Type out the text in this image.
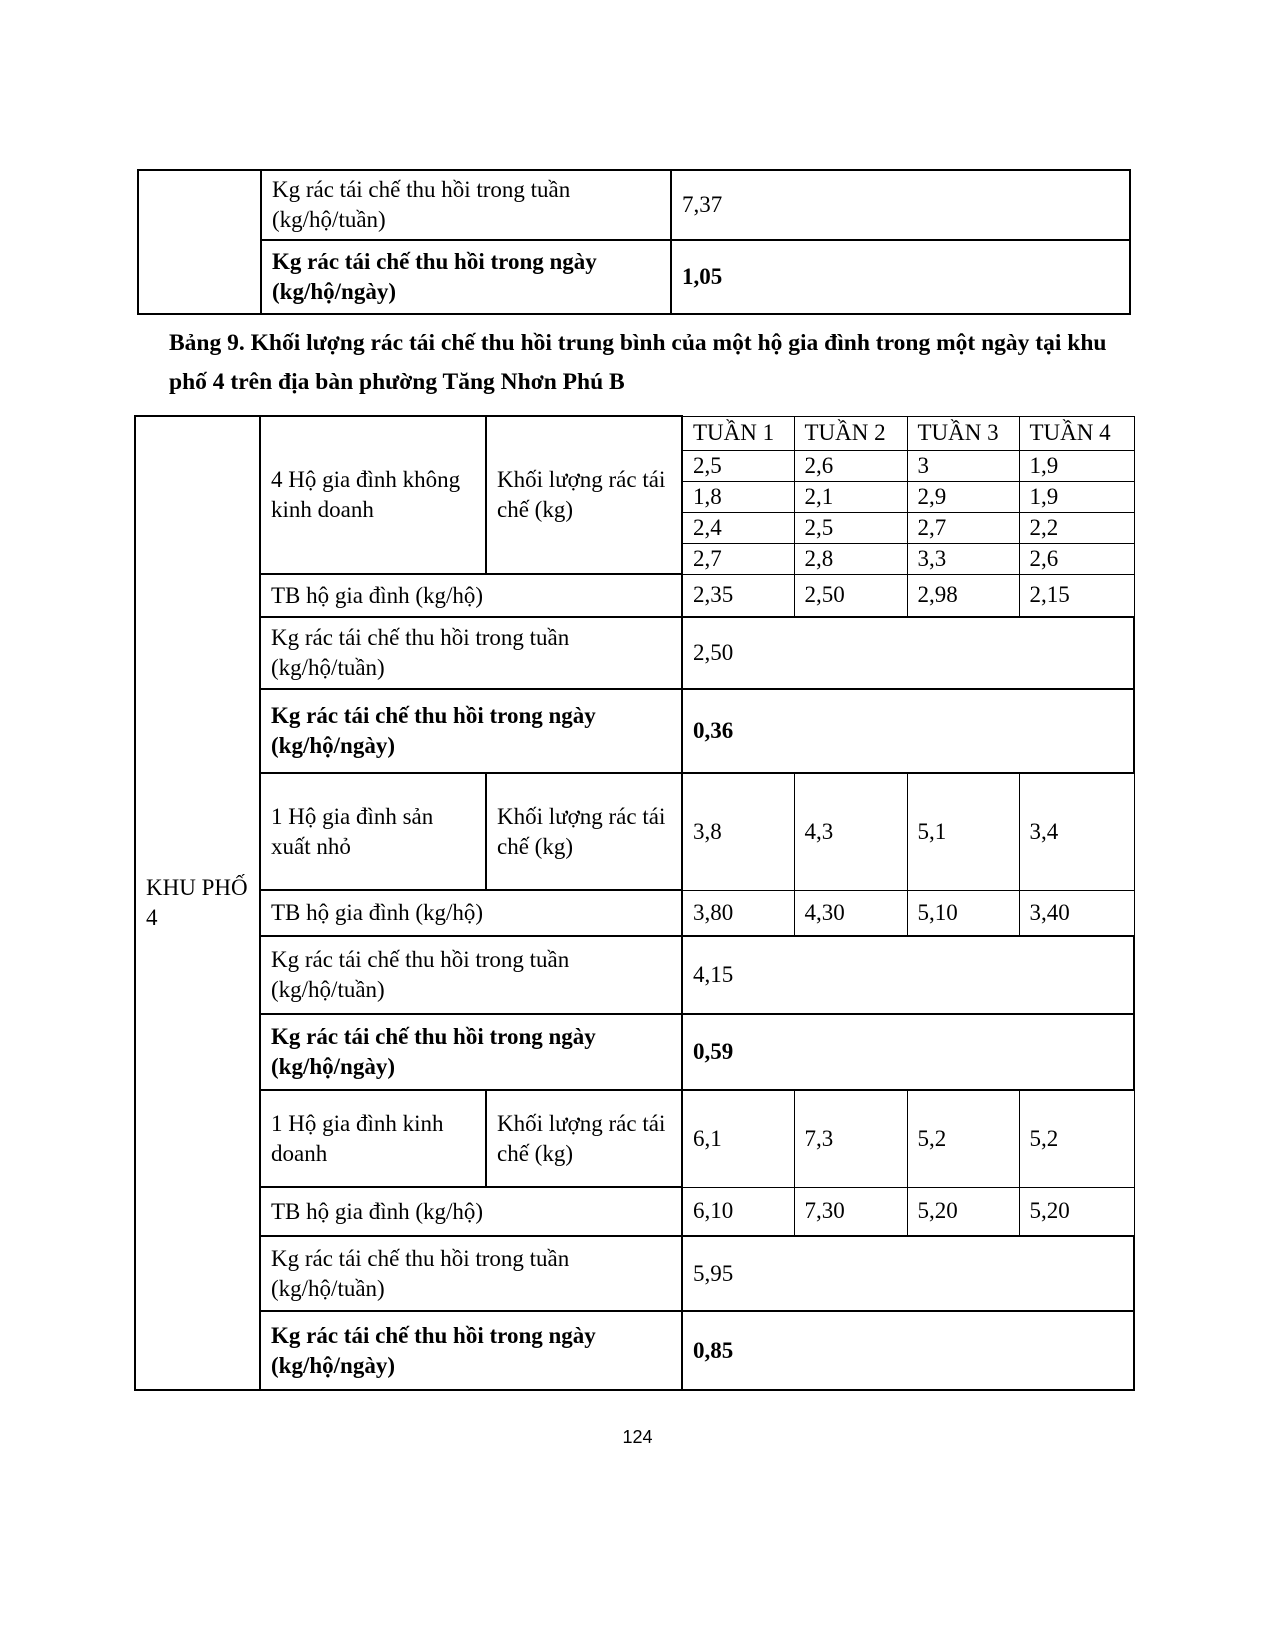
	Kg rác tái chế thu hồi trong tuần (kg/hộ/tuần)	7,37
	Kg rác tái chế thu hồi trong ngày (kg/hộ/ngày)	1,05
Bảng 9. Khối lượng rác tái chế thu hồi trung bình của một hộ gia đình trong một ngày tại khu phố 4 trên địa bàn phường Tăng Nhơn Phú B
KHU PHỐ 4	4 Hộ gia đình không kinh doanh	Khối lượng rác tái chế (kg)	TUẦN 1	TUẦN 2	TUẦN 3	TUẦN 4
			2,5	2,6	3	1,9
			1,8	2,1	2,9	1,9
			2,4	2,5	2,7	2,2
			2,7	2,8	3,3	2,6
	TB hộ gia đình (kg/hộ)		2,35	2,50	2,98	2,15
	Kg rác tái chế thu hồi trong tuần (kg/hộ/tuần)		2,50			
	Kg rác tái chế thu hồi trong ngày (kg/hộ/ngày)		0,36			
	1 Hộ gia đình sản xuất nhỏ	Khối lượng rác tái chế (kg)	3,8	4,3	5,1	3,4
	TB hộ gia đình (kg/hộ)		3,80	4,30	5,10	3,40
	Kg rác tái chế thu hồi trong tuần (kg/hộ/tuần)		4,15			
	Kg rác tái chế thu hồi trong ngày (kg/hộ/ngày)		0,59			
	1 Hộ gia đình kinh doanh	Khối lượng rác tái chế (kg)	6,1	7,3	5,2	5,2
	TB hộ gia đình (kg/hộ)		6,10	7,30	5,20	5,20
	Kg rác tái chế thu hồi trong tuần (kg/hộ/tuần)		5,95			
	Kg rác tái chế thu hồi trong ngày (kg/hộ/ngày)		0,85			
124
